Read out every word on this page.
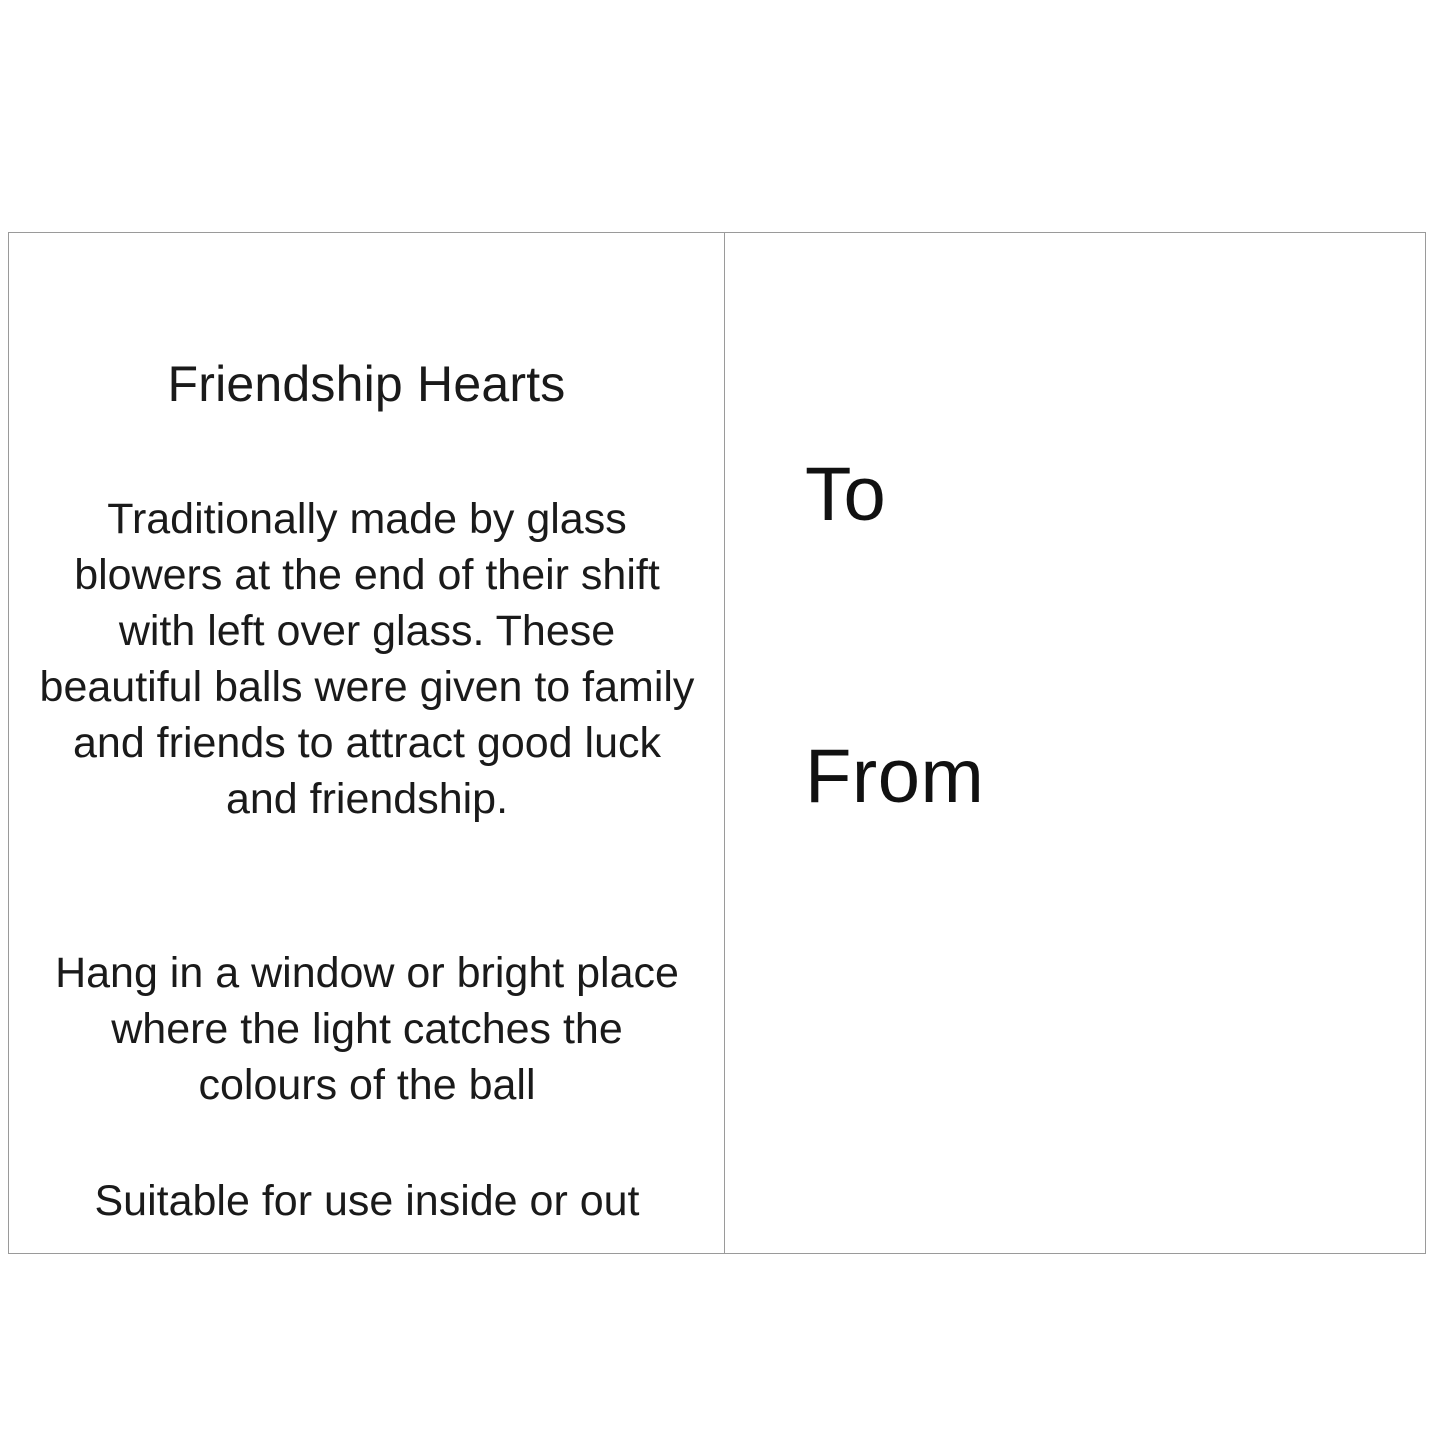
Friendship Hearts
Traditionally made by glass blowers at the end of their shift with left over glass. These beautiful balls were given to family and friends to attract good luck and friendship.
Hang in a window or bright place where the light catches the colours of the ball
Suitable for use inside or out
To
From
